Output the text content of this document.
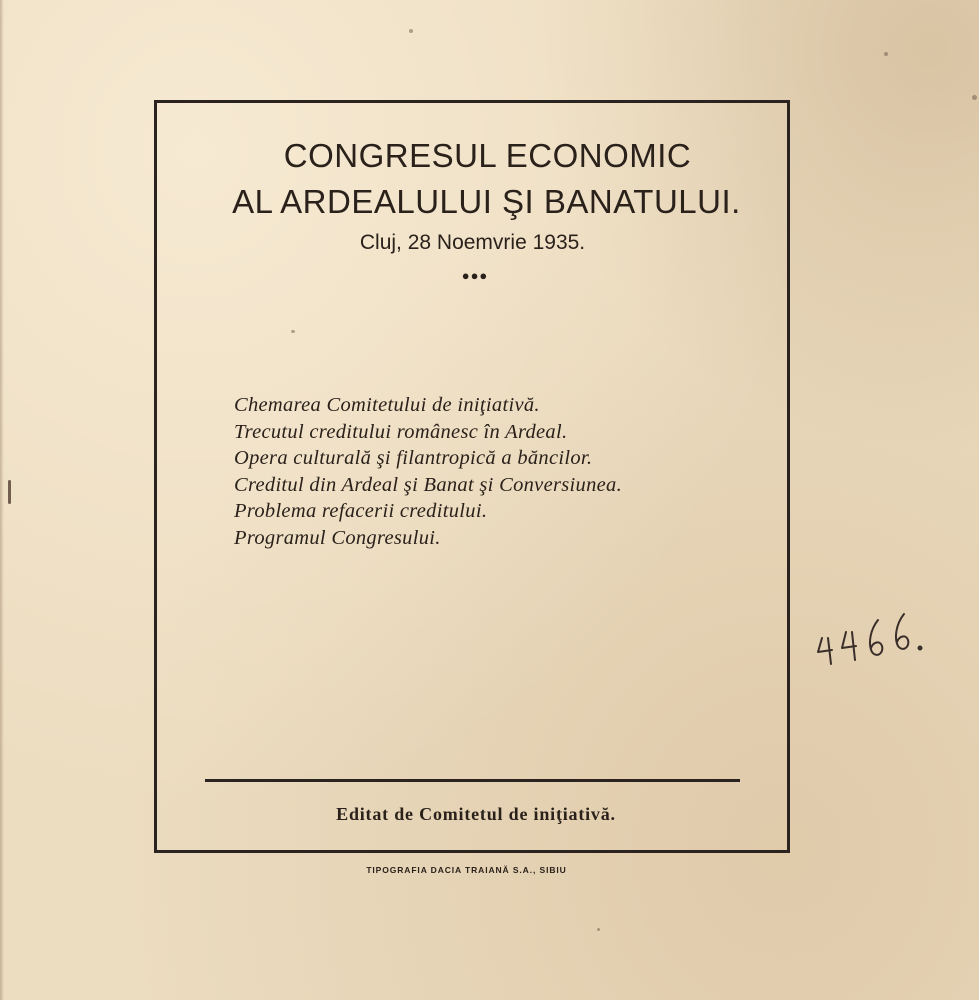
CONGRESUL ECONOMIC
AL ARDEALULUI ŞI BANATULUI.
Cluj, 28 Noemvrie 1935.
●●●
Chemarea Comitetului de iniţiativă.
Trecutul creditului românesc în Ardeal.
Opera culturală şi filantropică a băncilor.
Creditul din Ardeal şi Banat şi Conversiunea.
Problema refacerii creditului.
Programul Congresului.
Editat de Comitetul de iniţiativă.
TIPOGRAFIA DACIA TRAIANĂ S.A., SIBIU
